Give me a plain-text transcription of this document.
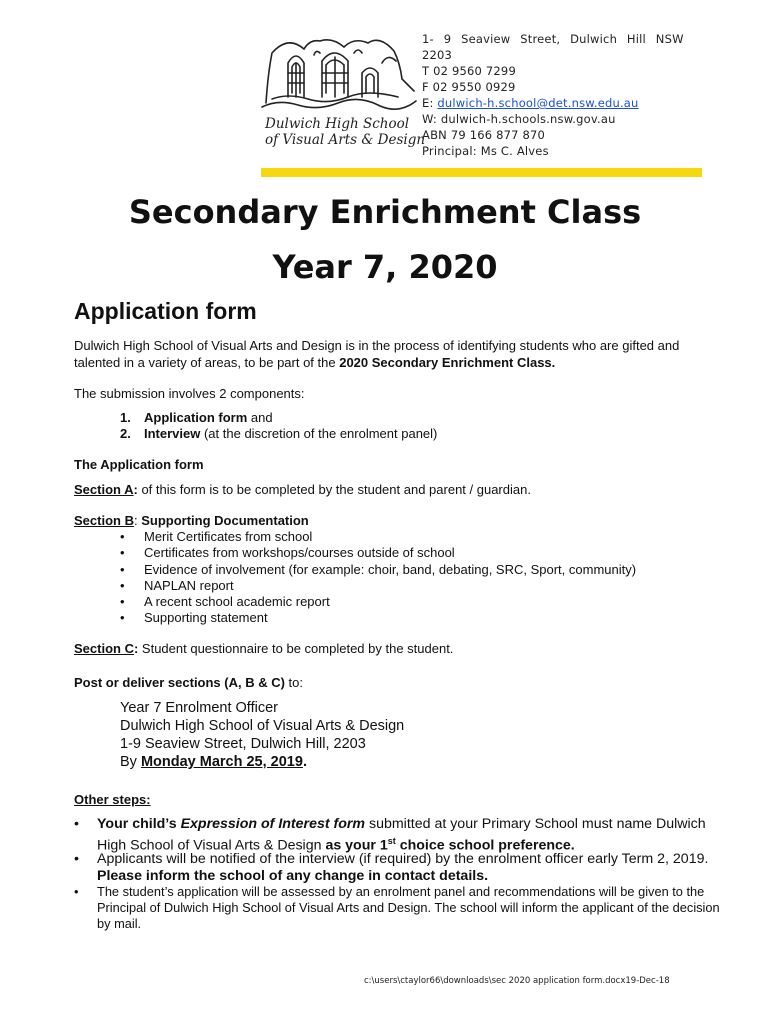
Dulwich High School
of Visual Arts & Design
1- 9 Seaview Street, Dulwich Hill NSW
2203
T 02 9560 7299
F 02 9550 0929
E: dulwich-h.school@det.nsw.edu.au
W: dulwich-h.schools.nsw.gov.au
ABN 79 166 877 870
Principal: Ms C. Alves
Secondary Enrichment Class
Year 7, 2020
Application form
Dulwich High School of Visual Arts and Design is in the process of identifying students who are gifted and talented in a variety of areas, to be part of the 2020 Secondary Enrichment Class.
The submission involves 2 components:
1. Application form and
2. Interview (at the discretion of the enrolment panel)
The Application form
Section A: of this form is to be completed by the student and parent / guardian.
Section B: Supporting Documentation
• Merit Certificates from school
• Certificates from workshops/courses outside of school
• Evidence of involvement (for example: choir, band, debating, SRC, Sport, community)
• NAPLAN report
• A recent school academic report
• Supporting statement
Section C: Student questionnaire to be completed by the student.
Post or deliver sections (A, B & C) to:
Year 7 Enrolment Officer
Dulwich High School of Visual Arts & Design
1-9 Seaview Street, Dulwich Hill, 2203
By Monday March 25, 2019.
Other steps:
• Your child’s Expression of Interest form submitted at your Primary School must name Dulwich High School of Visual Arts & Design as your 1st choice school preference.
• Applicants will be notified of the interview (if required) by the enrolment officer early Term 2, 2019. Please inform the school of any change in contact details.
• The student’s application will be assessed by an enrolment panel and recommendations will be given to the Principal of Dulwich High School of Visual Arts and Design. The school will inform the applicant of the decision by mail.
c:\users\ctaylor66\downloads\sec 2020 application form.docx19-Dec-18
